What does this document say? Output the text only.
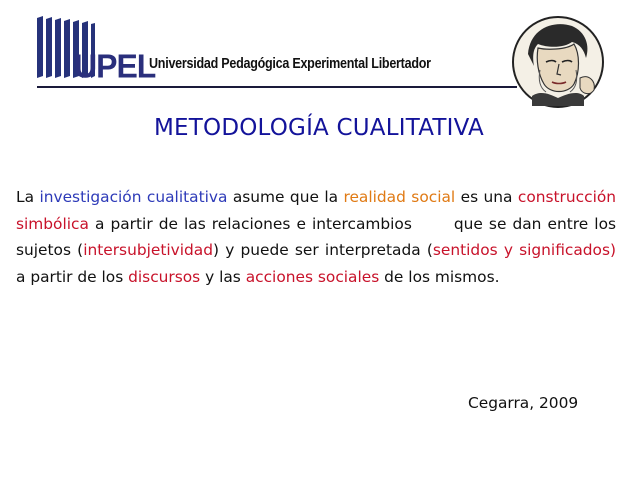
UPEL
Universidad Pedagógica Experimental Libertador
METODOLOGÍA CUALITATIVA
La investigación cualitativa asume que la realidad social es una construcción simbólica a partir de las relaciones e intercambios	que se dan entre los sujetos (intersubjetividad) y puede ser interpretada (sentidos y significados) a partir de los discursos y las acciones sociales de los mismos.
Cegarra, 2009
